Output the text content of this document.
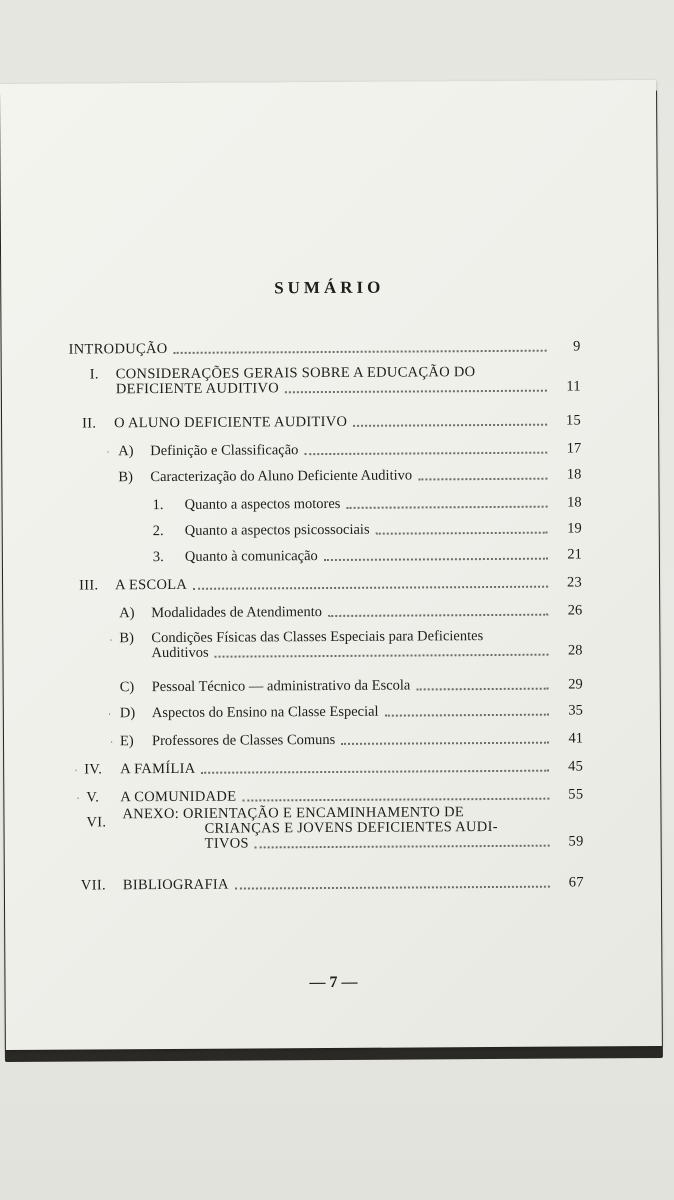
SUMÁRIO
INTRODUÇÃO	9
I. CONSIDERAÇÕES GERAIS SOBRE A EDUCAÇÃO DO
DEFICIENTE AUDITIVO	11
II.	O ALUNO DEFICIENTE AUDITIVO	15
A)	Definição e Classificação	17
B)	Caracterização do Aluno Deficiente Auditivo	18
1.	Quanto a aspectos motores	18
2.	Quanto a aspectos psicossociais	19
3.	Quanto à comunicação	21
III.	A ESCOLA	23
A)	Modalidades de Atendimento	26
B) Condições Físicas das Classes Especiais para Deficientes
Auditivos	28
C)	Pessoal Técnico — administrativo da Escola	29
D)	Aspectos do Ensino na Classe Especial	35
E)	Professores de Classes Comuns	41
IV.	A FAMÍLIA	45
V.	A COMUNIDADE	55
VI.
ANEXO: ORIENTAÇÃO E ENCAMINHAMENTO DE
CRIANÇAS E JOVENS DEFICIENTES AUDI-
TIVOS	59
VII.	BIBLIOGRAFIA	67
— 7 —
·
·
·
·
·
·
